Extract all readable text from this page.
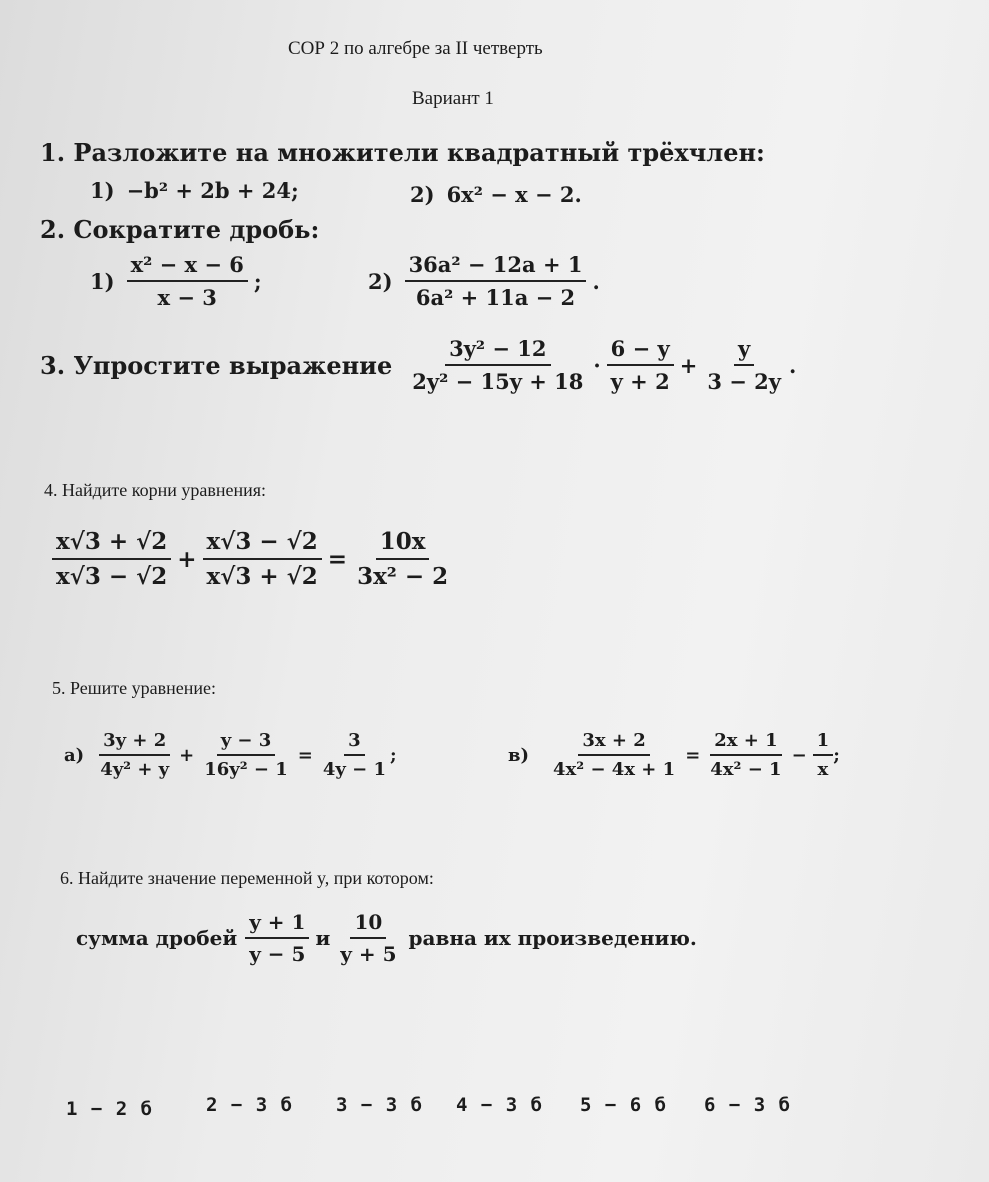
СОР 2 по алгебре за II четверть
Вариант 1
1. Разложите на множители квадратный трёхчлен:
1) −b² + 2b + 24;	2) 6x² − x − 2.
2. Сократите дробь:
$1) \frac{\text{x² − x − 6}}{x - 3}$ ;	$2) \frac{\text{36a² − 12a + 1}}{\text{6a² + 11a − 2}}$ .
3. Упростите выражение $\frac{\text{3y² − 12}}{\text{2y² − 15y + 18}} \cdot \frac{6 - y}{y + 2} + \frac{y}{3 - 2y}$ .
4. Найдите корни уравнения:
$\frac{x√3 + √2}{x√3 - √2} + \frac{x√3 - √2}{x√3 + √2} = \frac{10x}{\text{3x² − 2}}$
5. Решите уравнение:
$а) \frac{3y + 2}{\text{4y² + y}} + \frac{y - 3}{\text{16y² − 1}} = \frac{3}{4y - 1}$ ;	$в) \frac{3x + 2}{\text{4x² − 4x + 1}} = \frac{2x + 1}{\text{4x² − 1}} - \frac{1}{x}$ ;
6. Найдите значение переменной y, при котором:
сумма дробей $\frac{y + 1}{y - 5}$ и $\frac{10}{y + 5}$ равна их произведению.
1 − 2 б	2 − 3 б 3 − 3 б 4 − 3 б 5 − 6 б 6 − 3 б
